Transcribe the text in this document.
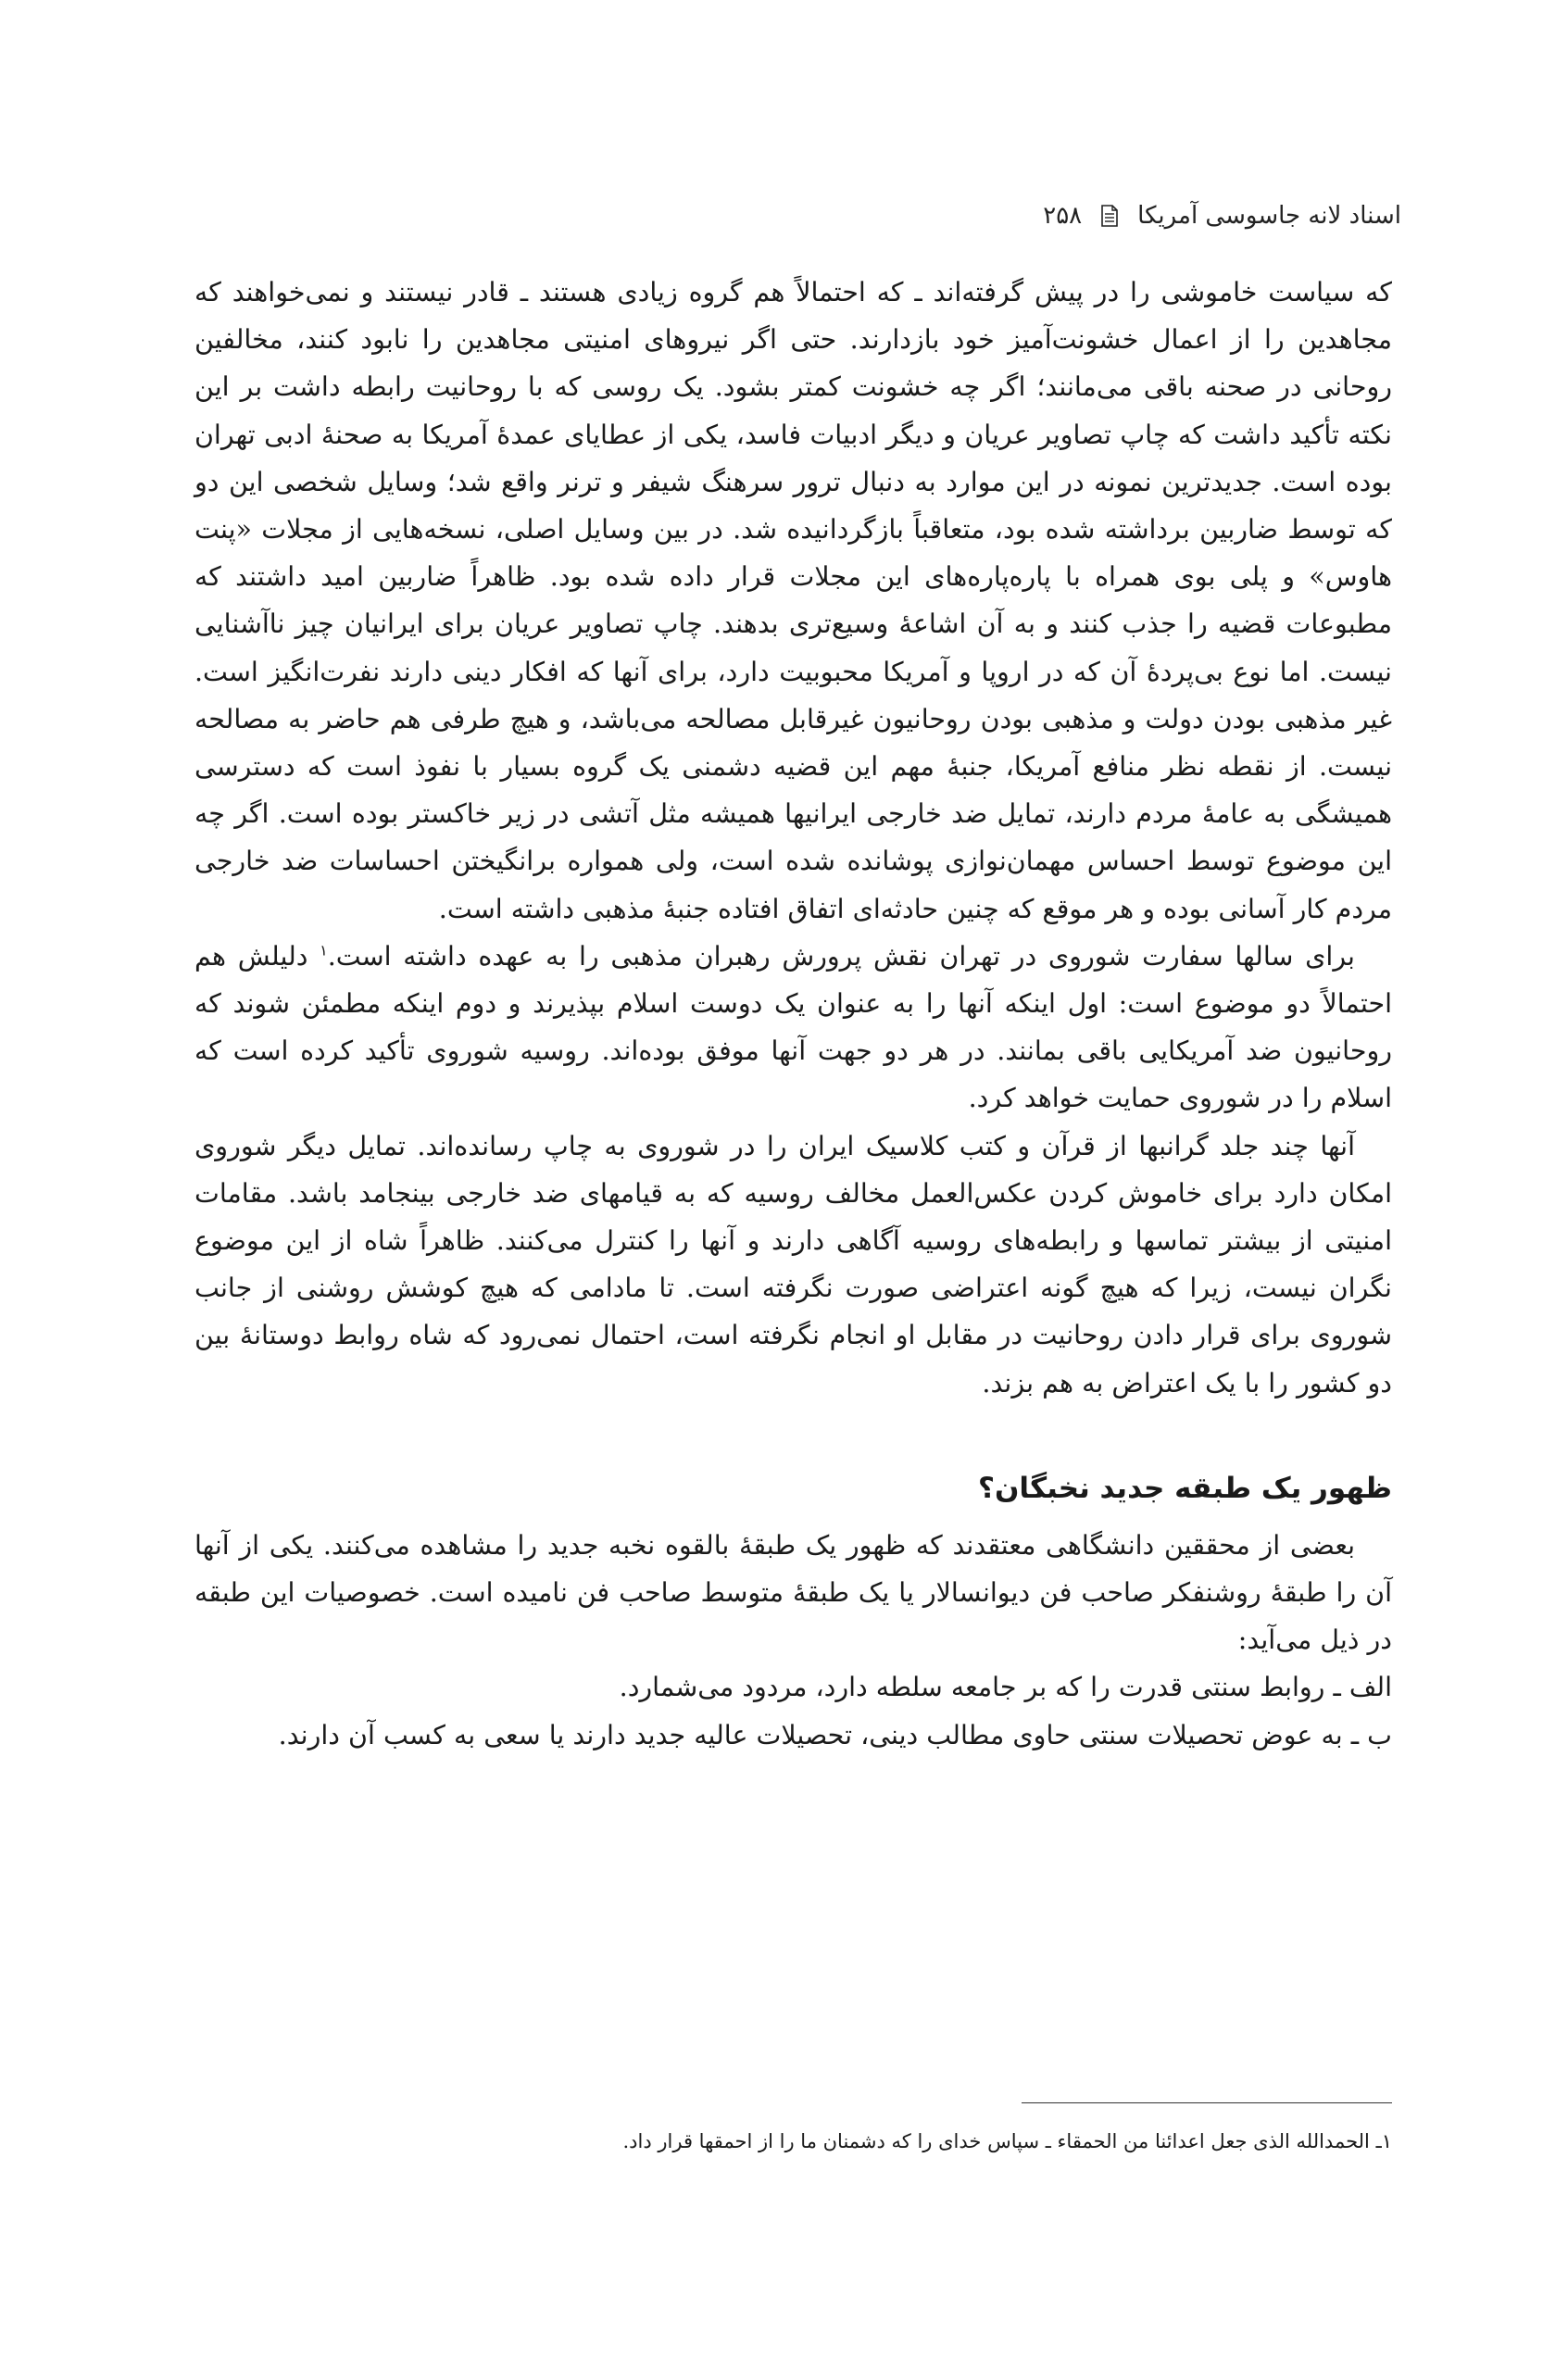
اسناد لانه جاسوسی آمریکا
۲۵۸

که سیاست خاموشی را در پیش گرفته‌اند ـ که احتمالاً هم گروه زیادی هستند ـ قادر نیستند و نمی‌خواهند که مجاهدین را از اعمال خشونت‌آمیز خود بازدارند. حتی اگر نیروهای امنیتی مجاهدین را نابود کنند، مخالفین روحانی در صحنه باقی می‌مانند؛ اگر چه خشونت کمتر بشود. یک روسی که با روحانیت رابطه داشت بر این نکته تأکید داشت که چاپ تصاویر عریان و دیگر ادبیات فاسد، یکی از عطایای عمدهٔ آمریکا به صحنهٔ ادبی تهران بوده است. جدیدترین نمونه در این موارد به دنبال ترور سرهنگ شیفر و ترنر واقع شد؛ وسایل شخصی این دو که توسط ضاربین برداشته شده بود، متعاقباً بازگردانیده شد. در بین وسایل اصلی، نسخه‌هایی از مجلات «پنت هاوس» و پلی بوی همراه با پاره‌پاره‌های این مجلات قرار داده شده بود. ظاهراً ضاربین امید داشتند که مطبوعات قضیه را جذب کنند و به آن اشاعهٔ وسیع‌تری بدهند. چاپ تصاویر عریان برای ایرانیان چیز ناآشنایی نیست. اما نوع بی‌پردهٔ آن که در اروپا و آمریکا محبوبیت دارد، برای آنها که افکار دینی دارند نفرت‌انگیز است. غیر مذهبی بودن دولت و مذهبی بودن روحانیون غیرقابل مصالحه می‌باشد، و هیچ طرفی هم حاضر به مصالحه نیست. از نقطه نظر منافع آمریکا، جنبهٔ مهم این قضیه دشمنی یک گروه بسیار با نفوذ است که دسترسی همیشگی به عامهٔ مردم دارند، تمایل ضد خارجی ایرانیها همیشه مثل آتشی در زیر خاکستر بوده است. اگر چه این موضوع توسط احساس مهمان‌نوازی پوشانده شده است، ولی همواره برانگیختن احساسات ضد خارجی مردم کار آسانی بوده و هر موقع که چنین حادثه‌ای اتفاق افتاده جنبهٔ مذهبی داشته است.

برای سالها سفارت شوروی در تهران نقش پرورش رهبران مذهبی را به عهده داشته است.$^۱$ دلیلش هم احتمالاً دو موضوع است: اول اینکه آنها را به عنوان یک دوست اسلام بپذیرند و دوم اینکه مطمئن شوند که روحانیون ضد آمریکایی باقی بمانند. در هر دو جهت آنها موفق بوده‌اند. روسیه شوروی تأکید کرده است که اسلام را در شوروی حمایت خواهد کرد.

آنها چند جلد گرانبها از قرآن و کتب کلاسیک ایران را در شوروی به چاپ رسانده‌اند. تمایل دیگر شوروی امکان دارد برای خاموش کردن عکس‌العمل مخالف روسیه که به قیامهای ضد خارجی بینجامد باشد. مقامات امنیتی از بیشتر تماسها و رابطه‌های روسیه آگاهی دارند و آنها را کنترل می‌کنند. ظاهراً شاه از این موضوع نگران نیست، زیرا که هیچ گونه اعتراضی صورت نگرفته است. تا مادامی که هیچ کوشش روشنی از جانب شوروی برای قرار دادن روحانیت در مقابل او انجام نگرفته است، احتمال نمی‌رود که شاه روابط دوستانهٔ بین دو کشور را با یک اعتراض به هم بزند.

ظهور یک طبقه جدید نخبگان؟

بعضی از محققین دانشگاهی معتقدند که ظهور یک طبقهٔ بالقوه نخبه جدید را مشاهده می‌کنند. یکی از آنها آن را طبقهٔ روشنفکر صاحب فن دیوانسالار یا یک طبقهٔ متوسط صاحب فن نامیده است. خصوصیات این طبقه در ذیل می‌آید:

الف ـ روابط سنتی قدرت را که بر جامعه سلطه دارد، مردود می‌شمارد.

ب ـ به عوض تحصیلات سنتی حاوی مطالب دینی، تحصیلات عالیه جدید دارند یا سعی به کسب آن دارند.

۱ـ الحمدالله الذی جعل اعدائنا من الحمقاء ـ سپاس خدای را که دشمنان ما را از احمقها قرار داد.
